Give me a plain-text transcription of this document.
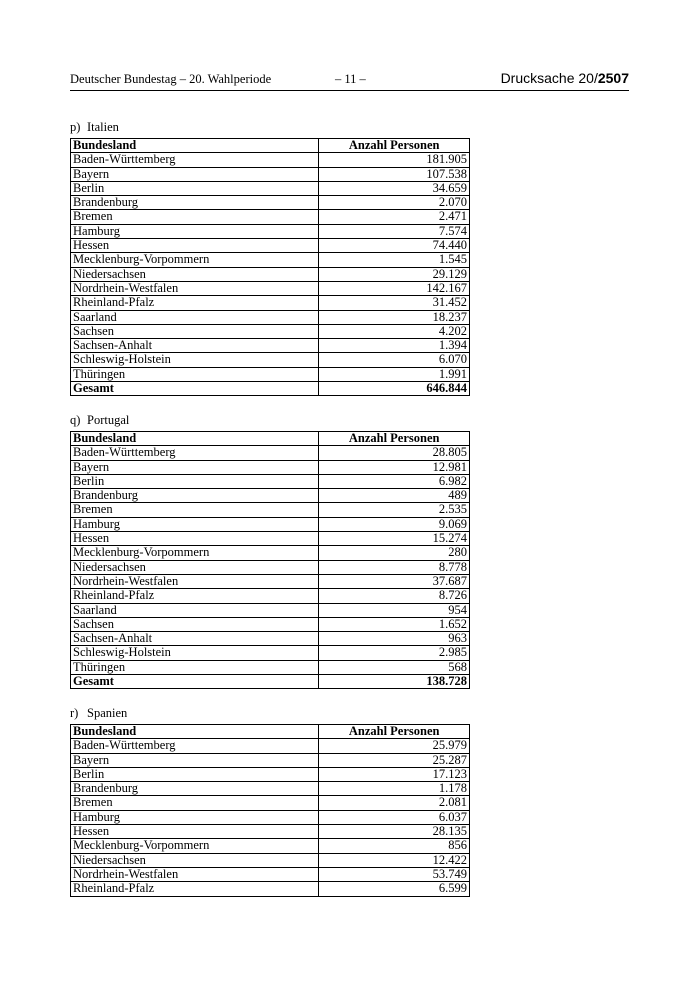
Deutscher Bundestag – 20. Wahlperiode	– 11 –	Drucksache 20/2507
p) Italien
Bundesland	Anzahl Personen
Baden-Württemberg	181.905
Bayern	107.538
Berlin	34.659
Brandenburg	2.070
Bremen	2.471
Hamburg	7.574
Hessen	74.440
Mecklenburg-Vorpommern	1.545
Niedersachsen	29.129
Nordrhein-Westfalen	142.167
Rheinland-Pfalz	31.452
Saarland	18.237
Sachsen	4.202
Sachsen-Anhalt	1.394
Schleswig-Holstein	6.070
Thüringen	1.991
Gesamt	646.844
q) Portugal
Bundesland	Anzahl Personen
Baden-Württemberg	28.805
Bayern	12.981
Berlin	6.982
Brandenburg	489
Bremen	2.535
Hamburg	9.069
Hessen	15.274
Mecklenburg-Vorpommern	280
Niedersachsen	8.778
Nordrhein-Westfalen	37.687
Rheinland-Pfalz	8.726
Saarland	954
Sachsen	1.652
Sachsen-Anhalt	963
Schleswig-Holstein	2.985
Thüringen	568
Gesamt	138.728
r) Spanien
Bundesland	Anzahl Personen
Baden-Württemberg	25.979
Bayern	25.287
Berlin	17.123
Brandenburg	1.178
Bremen	2.081
Hamburg	6.037
Hessen	28.135
Mecklenburg-Vorpommern	856
Niedersachsen	12.422
Nordrhein-Westfalen	53.749
Rheinland-Pfalz	6.599
